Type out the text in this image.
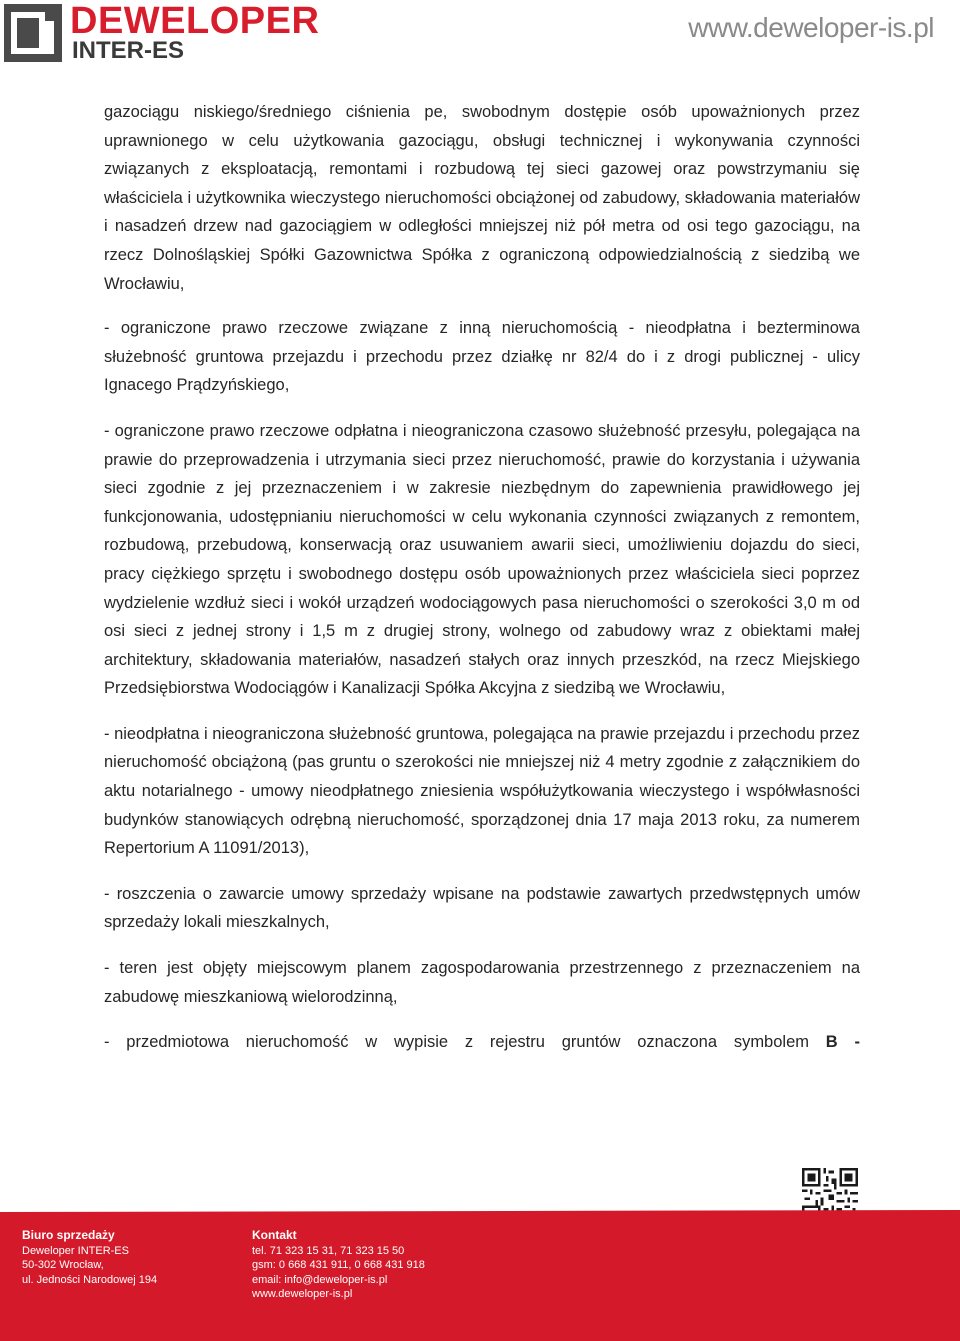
DEWELOPER
INTER-ES
www.deweloper-is.pl

gazociągu niskiego/średniego ciśnienia pe, swobodnym dostępie osób upoważnionych przez uprawnionego w celu użytkowania gazociągu, obsługi technicznej i wykonywania czynności związanych z eksploatacją, remontami i rozbudową tej sieci gazowej oraz powstrzymaniu się właściciela i użytkownika wieczystego nieruchomości obciążonej od zabudowy, składowania materiałów i nasadzeń drzew nad gazociągiem w odległości mniejszej niż pół metra od osi tego gazociągu, na rzecz Dolnośląskiej Spółki Gazownictwa Spółka z ograniczoną odpowiedzialnością z siedzibą we Wrocławiu,

- ograniczone prawo rzeczowe związane z inną nieruchomością - nieodpłatna i bezterminowa służebność gruntowa przejazdu i przechodu przez działkę nr 82/4 do i z drogi publicznej - ulicy Ignacego Prądzyńskiego,

- ograniczone prawo rzeczowe odpłatna i nieograniczona czasowo służebność przesyłu, polegająca na prawie do przeprowadzenia i utrzymania sieci przez nieruchomość, prawie do korzystania i używania sieci zgodnie z jej przeznaczeniem i w zakresie niezbędnym do zapewnienia prawidłowego jej funkcjonowania, udostępnianiu nieruchomości w celu wykonania czynności związanych z remontem, rozbudową, przebudową, konserwacją oraz usuwaniem awarii sieci, umożliwieniu dojazdu do sieci, pracy ciężkiego sprzętu i swobodnego dostępu osób upoważnionych przez właściciela sieci poprzez wydzielenie wzdłuż sieci i wokół urządzeń wodociągowych pasa nieruchomości o szerokości 3,0 m od osi sieci z jednej strony i 1,5 m z drugiej strony, wolnego od zabudowy wraz z obiektami małej architektury, składowania materiałów, nasadzeń stałych oraz innych przeszkód, na rzecz Miejskiego Przedsiębiorstwa Wodociągów i Kanalizacji Spółka Akcyjna z siedzibą we Wrocławiu,

- nieodpłatna i nieograniczona służebność gruntowa, polegająca na prawie przejazdu i przechodu przez nieruchomość obciążoną (pas gruntu o szerokości nie mniejszej niż 4 metry zgodnie z załącznikiem do aktu notarialnego - umowy nieodpłatnego zniesienia współużytkowania wieczystego i współwłasności budynków stanowiących odrębną nieruchomość, sporządzonej dnia 17 maja 2013 roku, za numerem Repertorium A 11091/2013),

- roszczenia o zawarcie umowy sprzedaży wpisane na podstawie zawartych przedwstępnych umów sprzedaży lokali mieszkalnych,

- teren jest objęty miejscowym planem zagospodarowania przestrzennego z przeznaczeniem na zabudowę mieszkaniową wielorodzinną,

- przedmiotowa nieruchomość w wypisie z rejestru gruntów oznaczona symbolem B -

Biuro sprzedaży
Deweloper INTER-ES
50-302 Wrocław,
ul. Jedności Narodowej 194
Kontakt
tel. 71 323 15 31, 71 323 15 50
gsm: 0 668 431 911, 0 668 431 918
email: info@deweloper-is.pl
www.deweloper-is.pl
